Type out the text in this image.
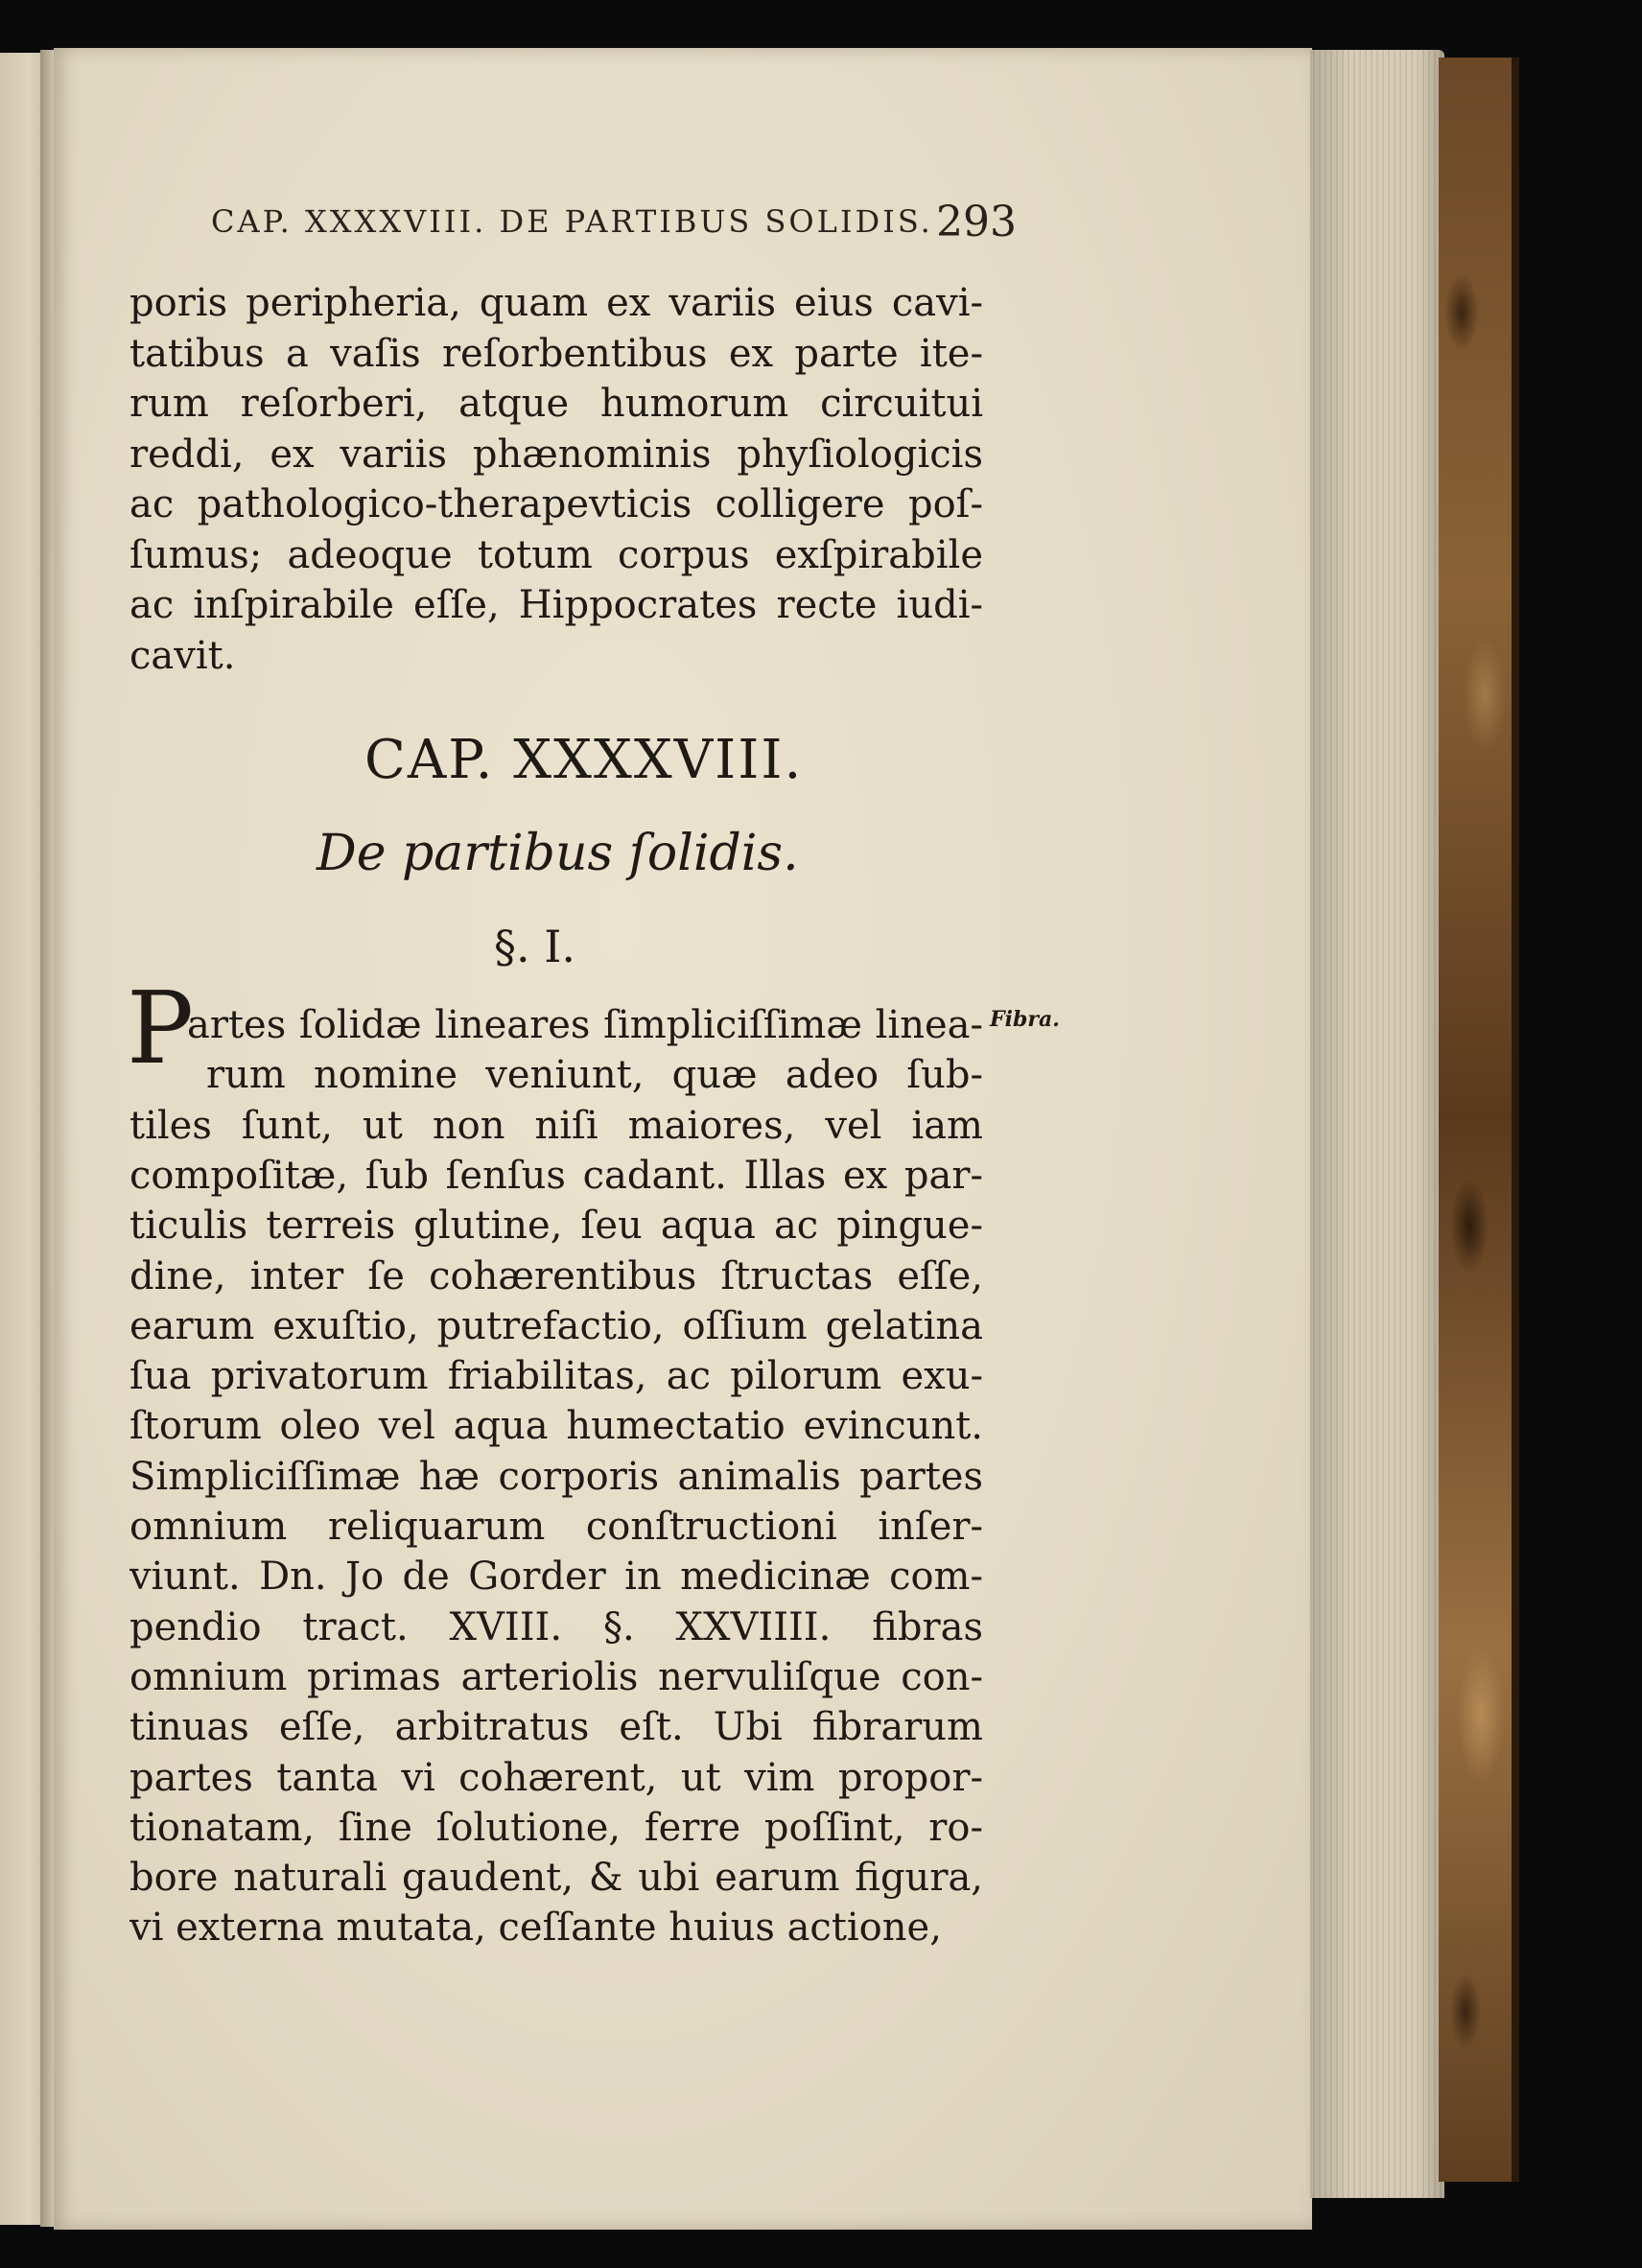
CAP. XXXXVIII. DE PARTIBUS SOLIDIS. 293
poris peripheria, quam ex variis eius cavi-
tatibus a vaſis reſorbentibus ex parte ite-
rum reſorberi, atque humorum circuitui
reddi, ex variis phænominis phyſiologicis
ac pathologico-therapevticis colligere poſ-
ſumus; adeoque totum corpus exſpirabile
ac inſpirabile eſſe, Hippocrates recte iudi-
cavit.
CAP. XXXXVIII.
De partibus ſolidis.
§. I.
P	Fibra.
artes ſolidæ lineares ſimpliciſſimæ linea-
rum nomine veniunt, quæ adeo ſub-
tiles ſunt, ut non niſi maiores, vel iam
compoſitæ, ſub ſenſus cadant. Illas ex par-
ticulis terreis glutine, ſeu aqua ac pingue-
dine, inter ſe cohærentibus ſtructas eſſe,
earum exuſtio, putrefactio, oſſium gelatina
ſua privatorum friabilitas, ac pilorum exu-
ſtorum oleo vel aqua humectatio evincunt.
Simpliciſſimæ hæ corporis animalis partes
omnium reliquarum conſtructioni inſer-
viunt. Dn. Jo de Gorder in medicinæ com-
pendio tract. XVIII. §. XXVIIII. fibras
omnium primas arteriolis nervuliſque con-
tinuas eſſe, arbitratus eſt. Ubi fibrarum
partes tanta vi cohærent, ut vim propor-
tionatam, ſine ſolutione, ferre poſſint, ro-
bore naturali gaudent, & ubi earum figura,
vi externa mutata, ceſſante huius actione,
